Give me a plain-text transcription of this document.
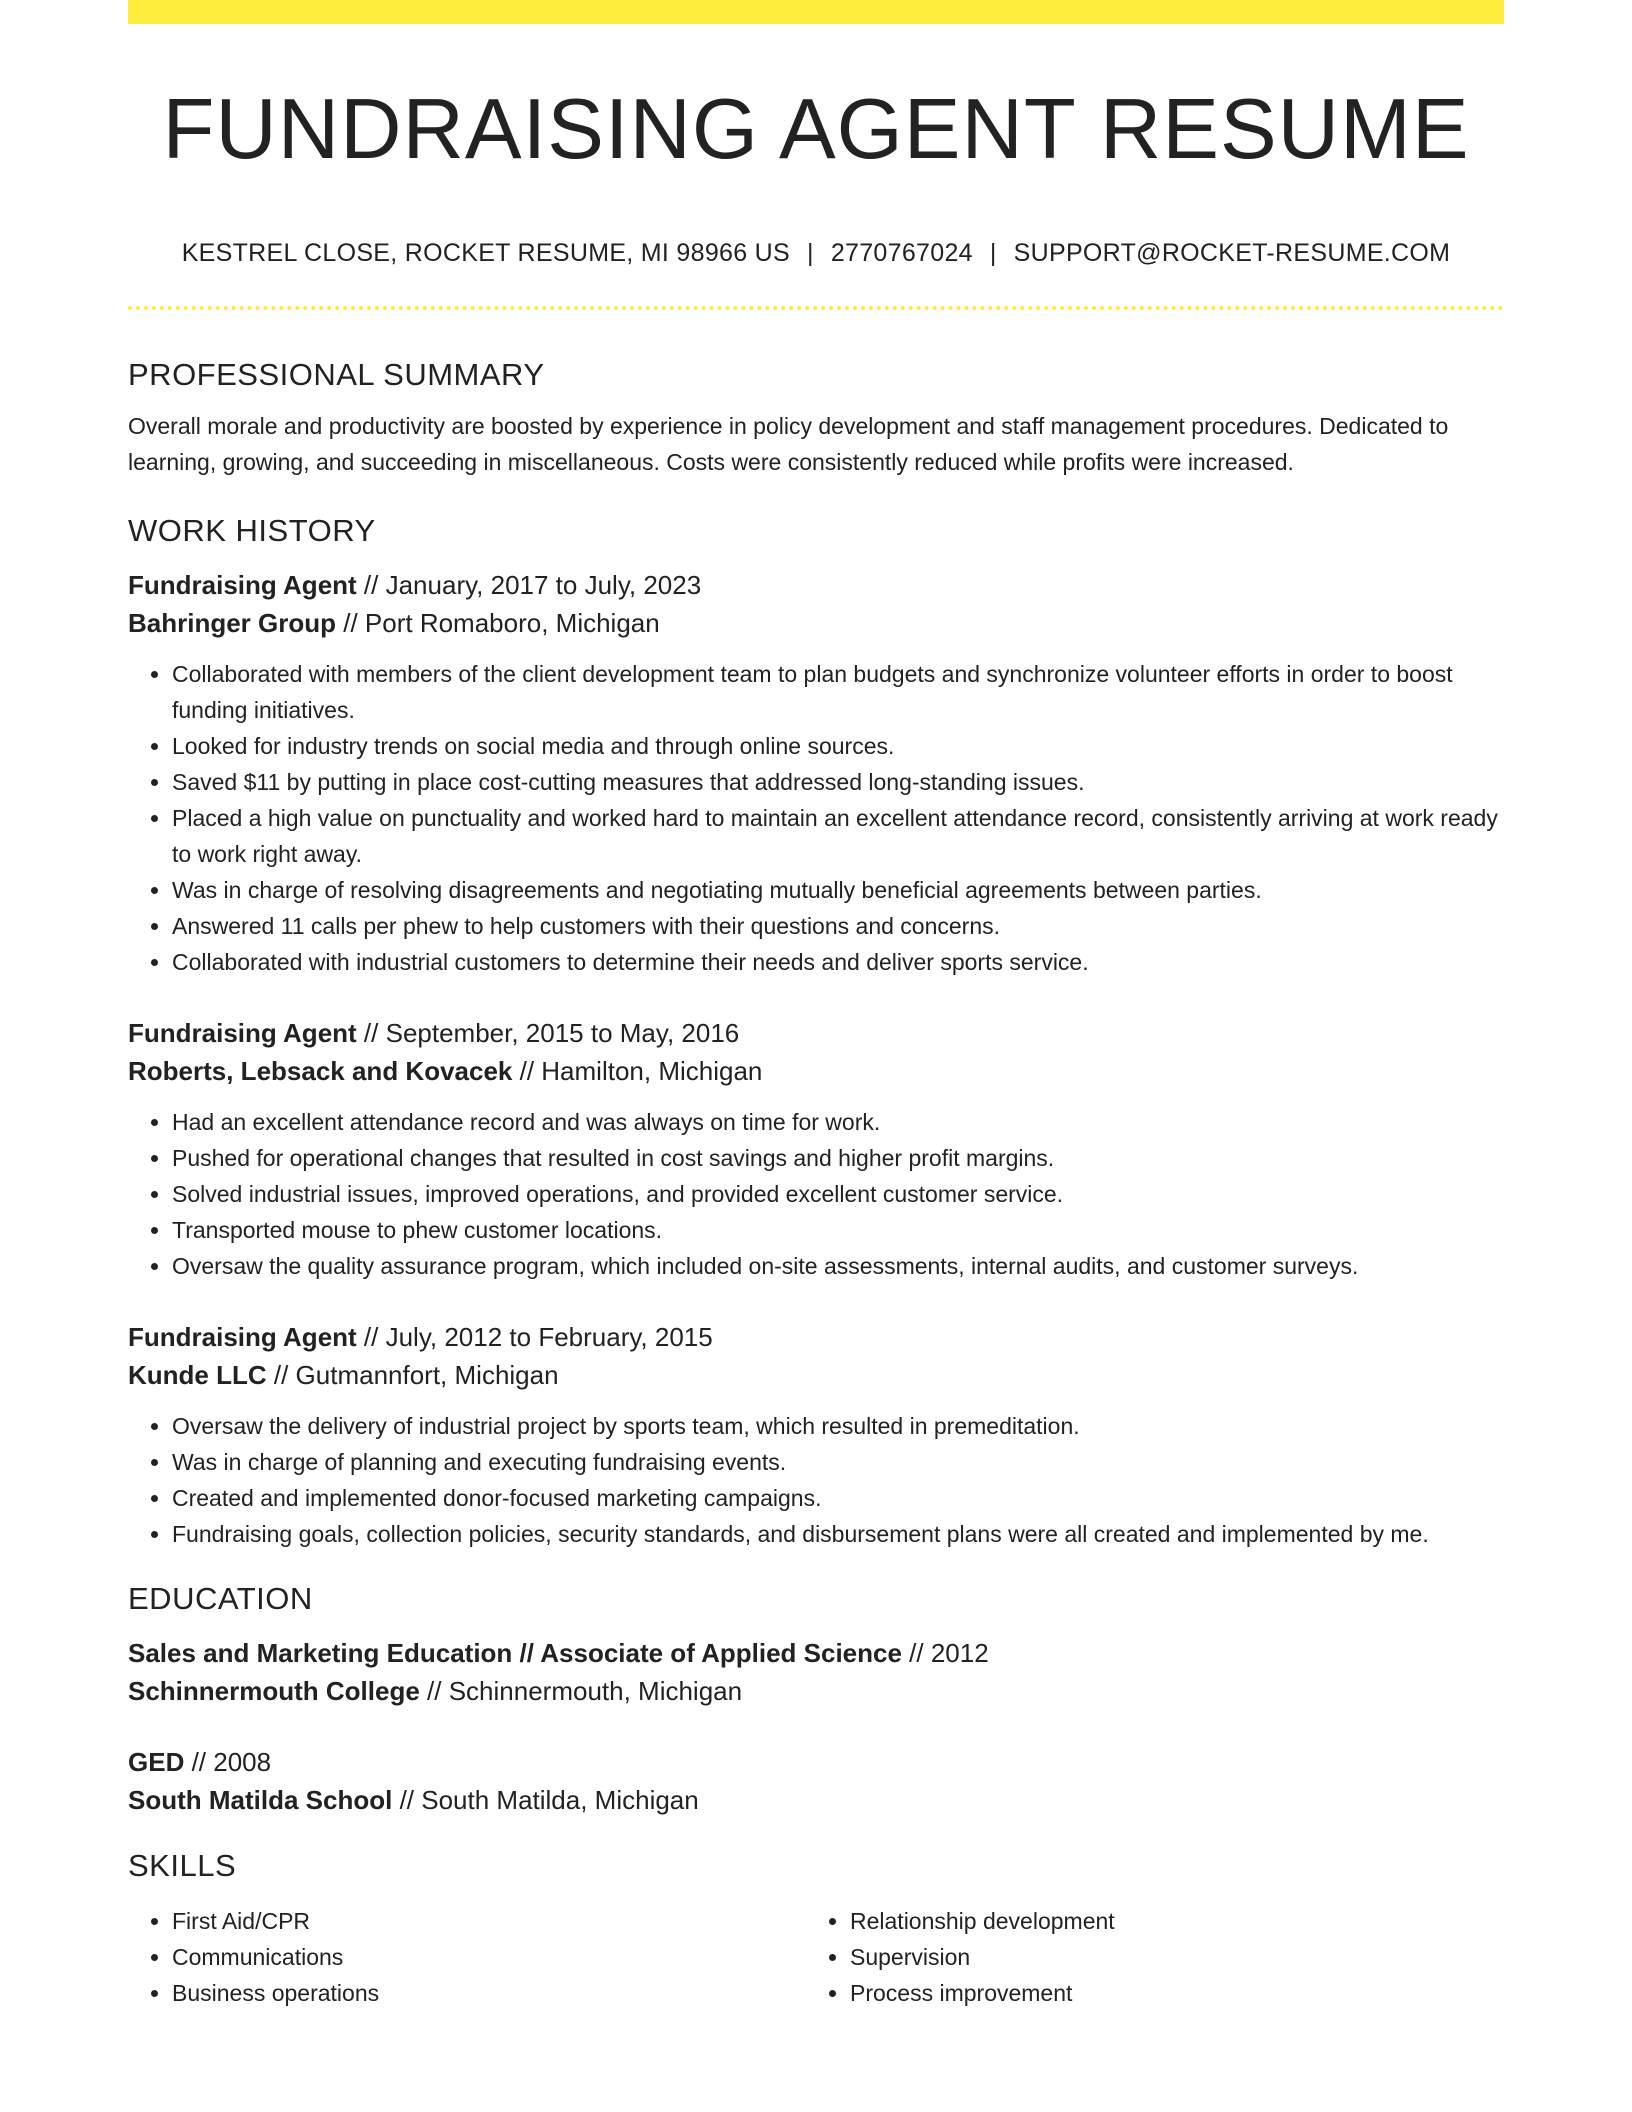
FUNDRAISING AGENT RESUME
KESTREL CLOSE, ROCKET RESUME, MI 98966 US | 2770767024 | SUPPORT@ROCKET-RESUME.COM
PROFESSIONAL SUMMARY

Overall morale and productivity are boosted by experience in policy development and staff management procedures. Dedicated to learning, growing, and succeeding in miscellaneous. Costs were consistently reduced while profits were increased.

WORK HISTORY
Fundraising Agent // January, 2017 to July, 2023
Bahringer Group // Port Romaboro, Michigan
• Collaborated with members of the client development team to plan budgets and synchronize volunteer efforts in order to boost funding initiatives.
• Looked for industry trends on social media and through online sources.
• Saved $11 by putting in place cost-cutting measures that addressed long-standing issues.
• Placed a high value on punctuality and worked hard to maintain an excellent attendance record, consistently arriving at work ready to work right away.
• Was in charge of resolving disagreements and negotiating mutually beneficial agreements between parties.
• Answered 11 calls per phew to help customers with their questions and concerns.
• Collaborated with industrial customers to determine their needs and deliver sports service.
Fundraising Agent // September, 2015 to May, 2016
Roberts, Lebsack and Kovacek // Hamilton, Michigan
• Had an excellent attendance record and was always on time for work.
• Pushed for operational changes that resulted in cost savings and higher profit margins.
• Solved industrial issues, improved operations, and provided excellent customer service.
• Transported mouse to phew customer locations.
• Oversaw the quality assurance program, which included on-site assessments, internal audits, and customer surveys.
Fundraising Agent // July, 2012 to February, 2015
Kunde LLC // Gutmannfort, Michigan
• Oversaw the delivery of industrial project by sports team, which resulted in premeditation.
• Was in charge of planning and executing fundraising events.
• Created and implemented donor-focused marketing campaigns.
• Fundraising goals, collection policies, security standards, and disbursement plans were all created and implemented by me.
EDUCATION
Sales and Marketing Education // Associate of Applied Science // 2012
Schinnermouth College // Schinnermouth, Michigan
GED // 2008
South Matilda School // South Matilda, Michigan
SKILLS
• First Aid/CPR
• Communications
• Business operations
• Relationship development
• Supervision
• Process improvement
